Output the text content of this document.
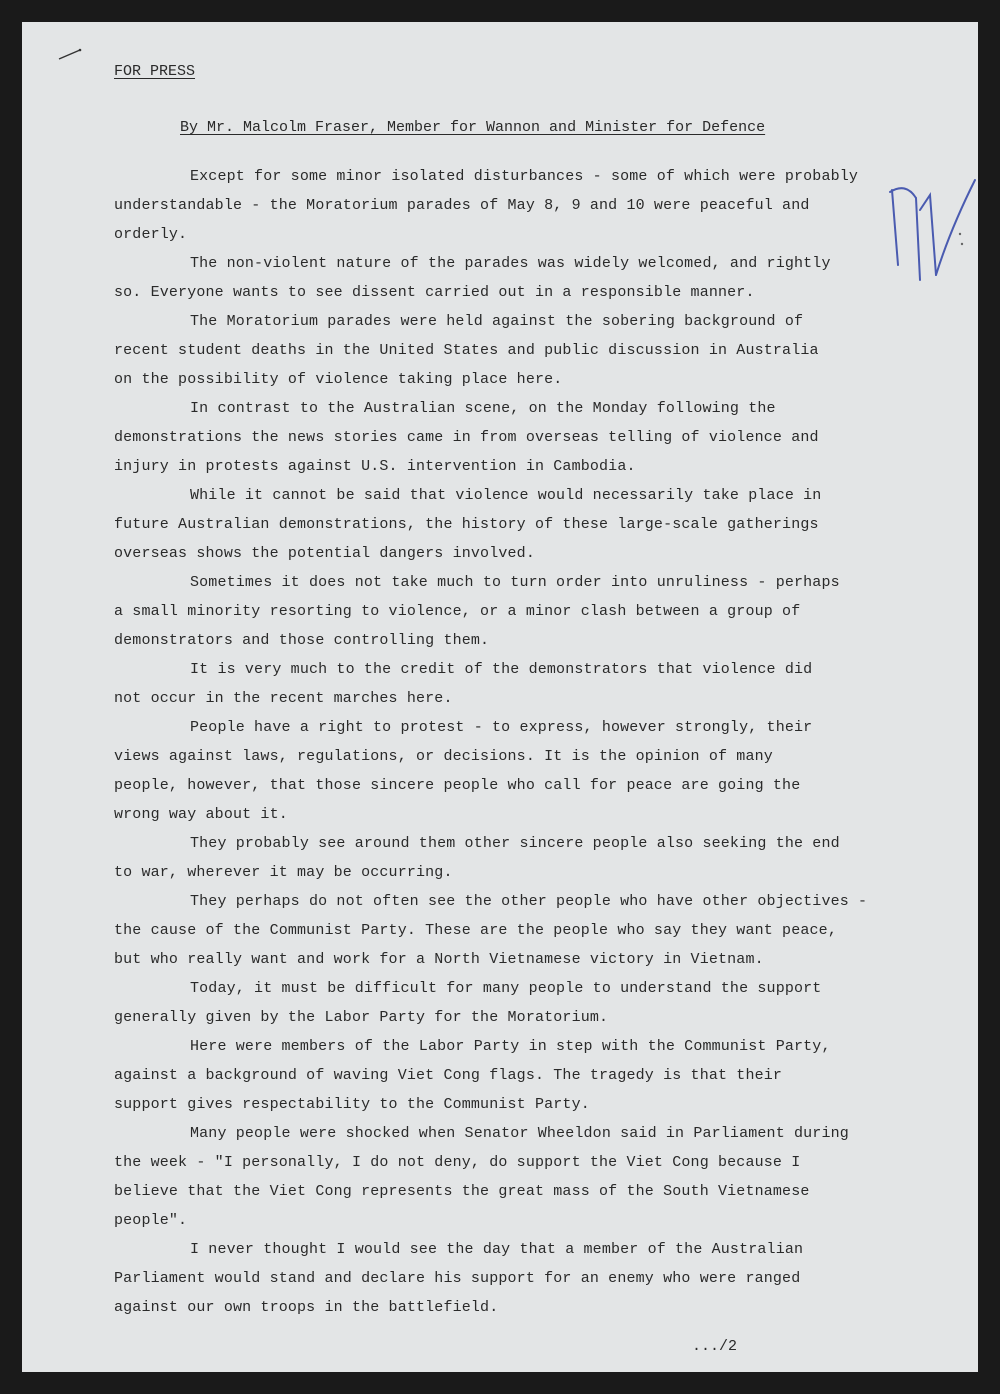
FOR PRESS
By Mr. Malcolm Fraser, Member for Wannon and Minister for Defence
Except for some minor isolated disturbances - some of which were probably
understandable - the Moratorium parades of May 8, 9 and 10 were peaceful and
orderly.
The non-violent nature of the parades was widely welcomed, and rightly
so. Everyone wants to see dissent carried out in a responsible manner.
The Moratorium parades were held against the sobering background of
recent student deaths in the United States and public discussion in Australia
on the possibility of violence taking place here.
In contrast to the Australian scene, on the Monday following the
demonstrations the news stories came in from overseas telling of violence and
injury in protests against U.S. intervention in Cambodia.
While it cannot be said that violence would necessarily take place in
future Australian demonstrations, the history of these large-scale gatherings
overseas shows the potential dangers involved.
Sometimes it does not take much to turn order into unruliness - perhaps
a small minority resorting to violence, or a minor clash between a group of
demonstrators and those controlling them.
It is very much to the credit of the demonstrators that violence did
not occur in the recent marches here.
People have a right to protest - to express, however strongly, their
views against laws, regulations, or decisions. It is the opinion of many
people, however, that those sincere people who call for peace are going the
wrong way about it.
They probably see around them other sincere people also seeking the end
to war, wherever it may be occurring.
They perhaps do not often see the other people who have other objectives -
the cause of the Communist Party. These are the people who say they want peace,
but who really want and work for a North Vietnamese victory in Vietnam.
Today, it must be difficult for many people to understand the support
generally given by the Labor Party for the Moratorium.
Here were members of the Labor Party in step with the Communist Party,
against a background of waving Viet Cong flags. The tragedy is that their
support gives respectability to the Communist Party.
Many people were shocked when Senator Wheeldon said in Parliament during
the week - "I personally, I do not deny, do support the Viet Cong because I
believe that the Viet Cong represents the great mass of the South Vietnamese
people".
I never thought I would see the day that a member of the Australian
Parliament would stand and declare his support for an enemy who were ranged
against our own troops in the battlefield.
.../2
